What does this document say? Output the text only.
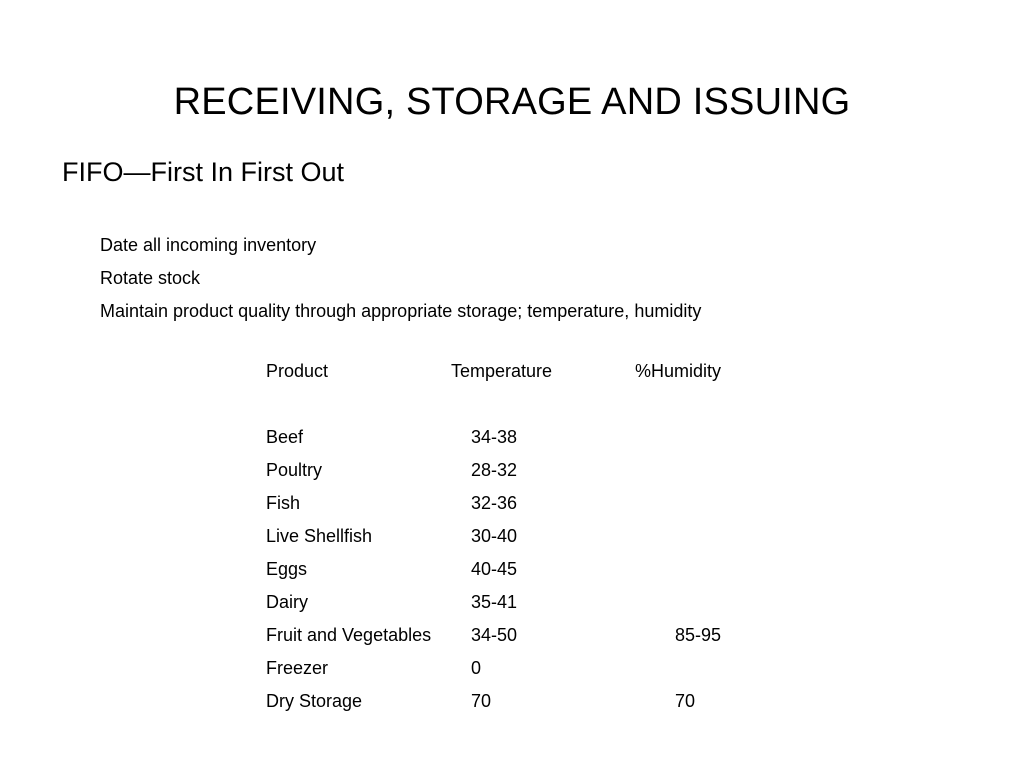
RECEIVING, STORAGE AND ISSUING
FIFO—First In First Out
Date all incoming inventory
Rotate stock
Maintain product quality through appropriate storage; temperature, humidity
Product	Temperature	%Humidity
Beef	34-38
Poultry	28-32
Fish	32-36
Live Shellfish	30-40
Eggs	40-45
Dairy	35-41
Fruit and Vegetables 34-50	85-95
Freezer	0
Dry Storage	70	70
